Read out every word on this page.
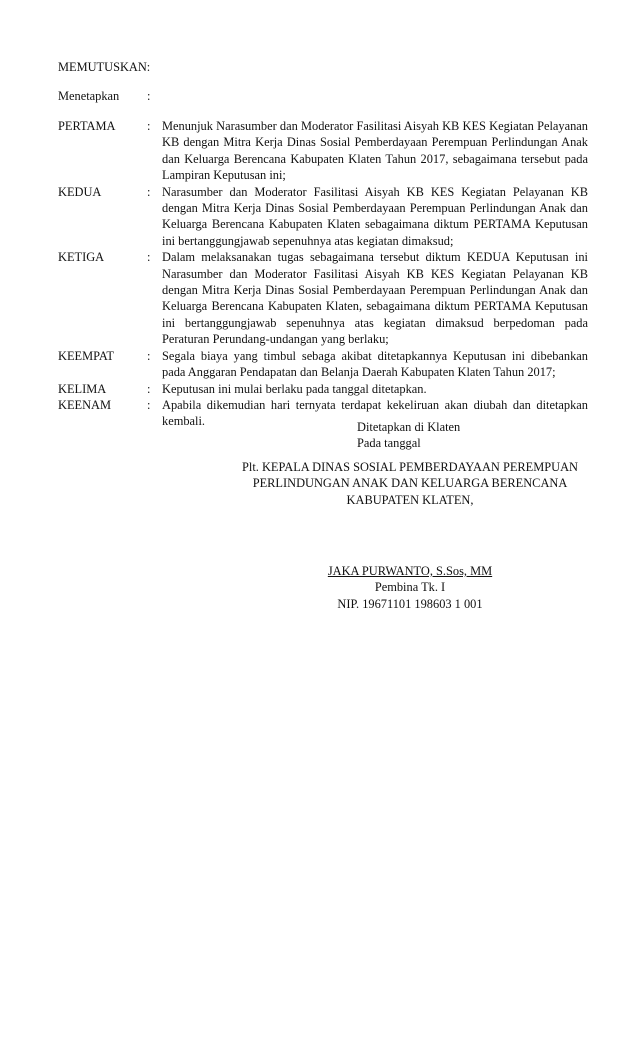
MEMUTUSKAN:
Menetapkan :
PERTAMA	: Menunjuk Narasumber dan Moderator Fasilitasi Aisyah KB KES Kegiatan Pelayanan KB dengan Mitra Kerja Dinas Sosial Pemberdayaan Perempuan Perlindungan Anak dan Keluarga Berencana Kabupaten Klaten Tahun 2017, sebagaimana tersebut pada Lampiran Keputusan ini;
KEDUA	: Narasumber dan Moderator Fasilitasi Aisyah KB KES Kegiatan Pelayanan KB dengan Mitra Kerja Dinas Sosial Pemberdayaan Perempuan Perlindungan Anak dan Keluarga Berencana Kabupaten Klaten sebagaimana diktum PERTAMA Keputusan ini bertanggungjawab sepenuhnya atas kegiatan dimaksud;
KETIGA	: Dalam melaksanakan tugas sebagaimana tersebut diktum KEDUA Keputusan ini Narasumber dan Moderator Fasilitasi Aisyah KB KES Kegiatan Pelayanan KB dengan Mitra Kerja Dinas Sosial Pemberdayaan Perempuan Perlindungan Anak dan Keluarga Berencana Kabupaten Klaten, sebagaimana diktum PERTAMA Keputusan ini bertanggungjawab sepenuhnya atas kegiatan dimaksud berpedoman pada Peraturan Perundang-undangan yang berlaku;
KEEMPAT	: Segala biaya yang timbul sebaga akibat ditetapkannya Keputusan ini dibebankan pada Anggaran Pendapatan dan Belanja Daerah Kabupaten Klaten Tahun 2017;
KELIMA	: Keputusan ini mulai berlaku pada tanggal ditetapkan.
KEENAM	: Apabila dikemudian hari ternyata terdapat kekeliruan akan diubah dan ditetapkan kembali.	Ditetapkan di Klaten
Pada tanggal
Plt. KEPALA DINAS SOSIAL PEMBERDAYAAN PEREMPUAN
PERLINDUNGAN ANAK DAN KELUARGA BERENCANA
KABUPATEN KLATEN,
JAKA PURWANTO, S.Sos, MM
Pembina Tk. I
NIP. 19671101 198603 1 001
